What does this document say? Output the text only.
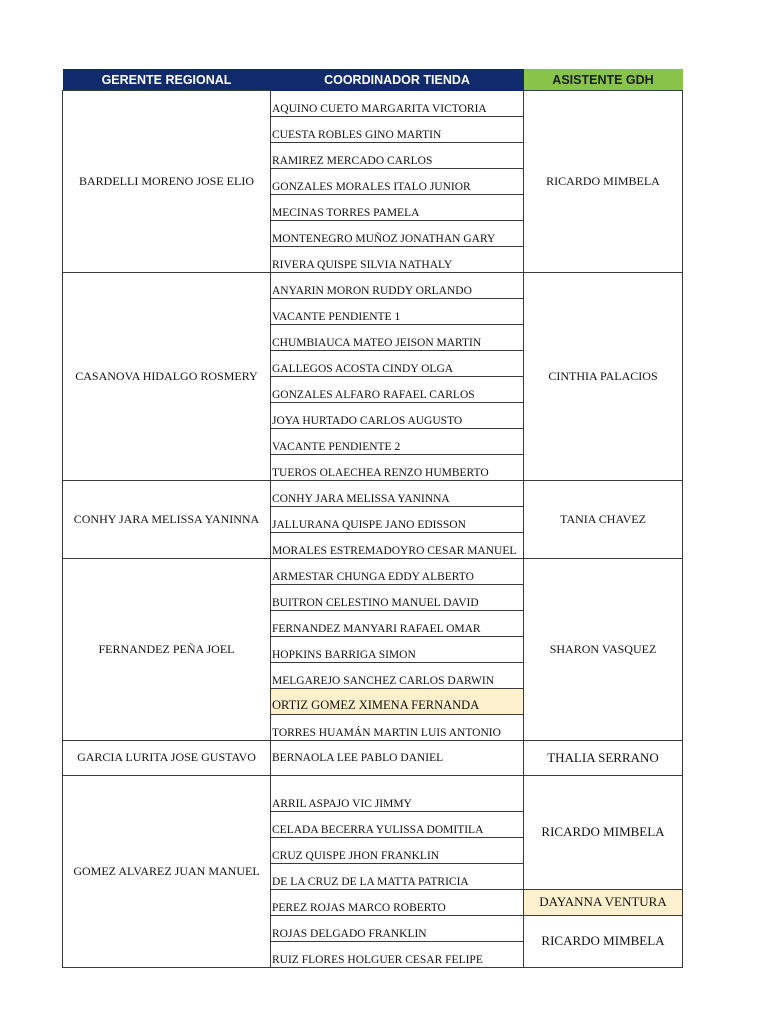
GERENTE REGIONAL	COORDINADOR TIENDA	ASISTENTE GDH
BARDELLI MORENO JOSE ELIO	AQUINO CUETO MARGARITA VICTORIA	RICARDO MIMBELA
	CUESTA ROBLES GINO MARTIN	
	RAMIREZ MERCADO CARLOS	
	GONZALES MORALES ITALO JUNIOR	
	MECINAS TORRES PAMELA	
	MONTENEGRO MUÑOZ JONATHAN GARY	
	RIVERA QUISPE SILVIA NATHALY	
CASANOVA HIDALGO ROSMERY	ANYARIN MORON RUDDY ORLANDO	CINTHIA PALACIOS
	VACANTE PENDIENTE 1	
	CHUMBIAUCA MATEO JEISON MARTIN	
	GALLEGOS ACOSTA CINDY OLGA	
	GONZALES ALFARO RAFAEL CARLOS	
	JOYA HURTADO CARLOS AUGUSTO	
	VACANTE PENDIENTE 2	
	TUEROS OLAECHEA RENZO HUMBERTO	
CONHY JARA MELISSA YANINNA	CONHY JARA MELISSA YANINNA	TANIA CHAVEZ
	JALLURANA QUISPE JANO EDISSON	
	MORALES ESTREMADOYRO CESAR MANUEL	
FERNANDEZ PEÑA JOEL	ARMESTAR CHUNGA EDDY ALBERTO	SHARON VASQUEZ
	BUITRON CELESTINO MANUEL DAVID	
	FERNANDEZ MANYARI RAFAEL OMAR	
	HOPKINS BARRIGA SIMON	
	MELGAREJO SANCHEZ CARLOS DARWIN	
	ORTIZ GOMEZ XIMENA FERNANDA	
	TORRES HUAMÁN MARTIN LUIS ANTONIO	
GARCIA LURITA JOSE GUSTAVO	BERNAOLA LEE PABLO DANIEL	THALIA SERRANO
GOMEZ ALVAREZ JUAN MANUEL		RICARDO MIMBELA
	ARRIL ASPAJO VIC JIMMY	
	CELADA BECERRA YULISSA DOMITILA	
	CRUZ QUISPE JHON FRANKLIN	
	DE LA CRUZ DE LA MATTA PATRICIA	
	PEREZ ROJAS MARCO ROBERTO	DAYANNA VENTURA
	ROJAS DELGADO FRANKLIN	RICARDO MIMBELA
	RUIZ FLORES HOLGUER CESAR FELIPE	
